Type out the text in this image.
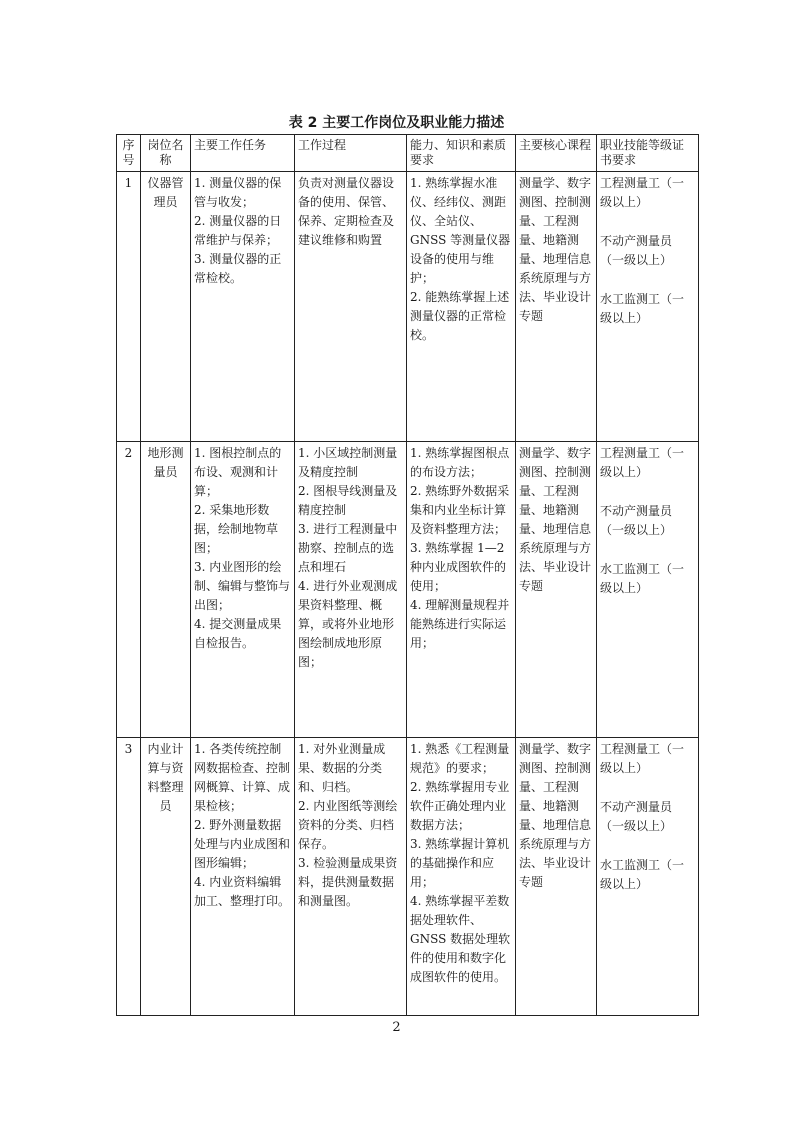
表 2 主要工作岗位及职业能力描述
序号	岗位名称	主要工作任务	工作过程	能力、知识和素质要求	主要核心课程	职业技能等级证书要求
1	仪器管理员	1. 测量仪器的保管与收发；
2. 测量仪器的日常维护与保养；
3. 测量仪器的正常检校。	负责对测量仪器设备的使用、保管、保养、定期检查及建议维修和购置	1. 熟练掌握水准仪、经纬仪、测距仪、全站仪、GNSS 等测量仪器设备的使用与维护；
2. 能熟练掌握上述测量仪器的正常检校。	测量学、数字测图、控制测量、工程测量、地籍测量、地理信息系统原理与方法、毕业设计专题	工程测量工（一级以上）
不动产测量员（一级以上）
水工监测工（一级以上）

2	地形测量员	1. 图根控制点的布设、观测和计算；
2. 采集地形数据，绘制地物草图；
3. 内业图形的绘制、编辑与整饰与出图；
4. 提交测量成果自检报告。	1. 小区域控制测量及精度控制
2. 图根导线测量及精度控制
3. 进行工程测量中勘察、控制点的选点和埋石
4. 进行外业观测成果资料整理、概算，或将外业地形图绘制成地形原图；	1. 熟练掌握图根点的布设方法；
2. 熟练野外数据采集和内业坐标计算及资料整理方法；
3. 熟练掌握 1—2 种内业成图软件的使用；
4. 理解测量规程并能熟练进行实际运用；	测量学、数字测图、控制测量、工程测量、地籍测量、地理信息系统原理与方法、毕业设计专题	工程测量工（一级以上）
不动产测量员（一级以上）
水工监测工（一级以上）

3	内业计算与资料整理员	1. 各类传统控制网数据检查、控制网概算、计算、成果检核；
2. 野外测量数据处理与内业成图和图形编辑；
4. 内业资料编辑加工、整理打印。	1. 对外业测量成果、数据的分类和、归档。
2. 内业图纸等测绘资料的分类、归档保存。
3. 检验测量成果资料，提供测量数据和测量图。	1. 熟悉《工程测量规范》的要求；
2. 熟练掌握用专业软件正确处理内业数据方法；
3. 熟练掌握计算机的基础操作和应用；
4. 熟练掌握平差数据处理软件、GNSS 数据处理软件的使用和数字化成图软件的使用。	测量学、数字测图、控制测量、工程测量、地籍测量、地理信息系统原理与方法、毕业设计专题	工程测量工（一级以上）
不动产测量员（一级以上）
水工监测工（一级以上）
2
